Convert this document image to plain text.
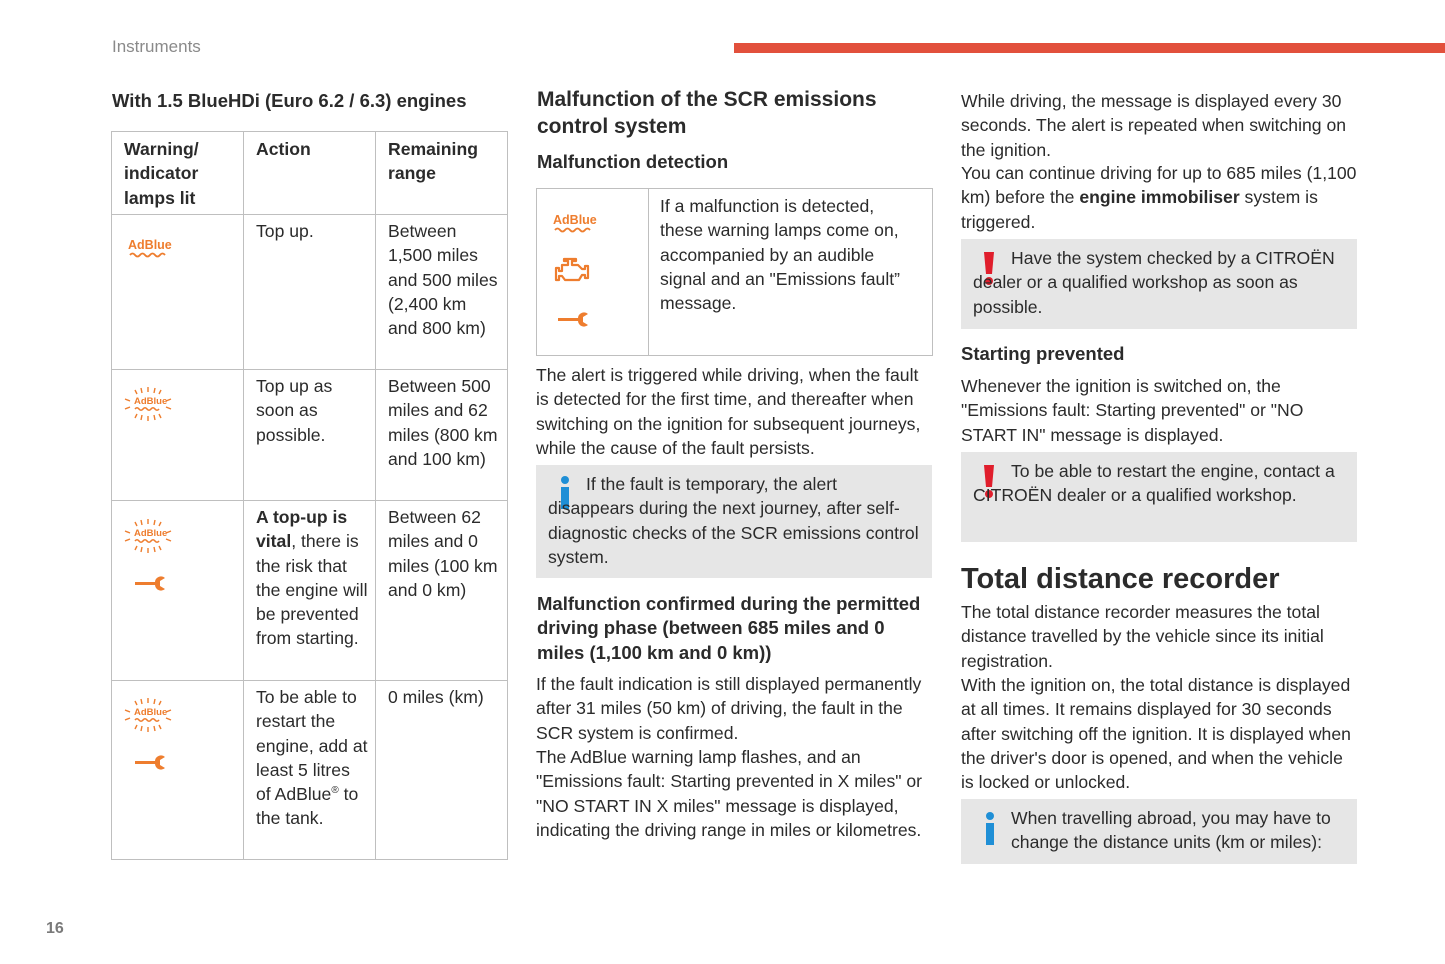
Instruments
16
With 1.5 BlueHDi (Euro 6.2 / 6.3) engines
Warning/ indicator lamps lit
Action	Remaining range
AdBlue
Top up.	Between 1,500 miles and 500 miles (2,400 km and 800 km)
AdBlue
Top up as soon as possible.
Between 500 miles and 62 miles (800 km and 100 km)
AdBlue
A top-up is vital, there is the risk that the engine will be prevented from starting.
Between 62 miles and 0 miles (100 km and 0 km)
AdBlue
To be able to restart the engine, add at least 5 litres of AdBlue® to the tank.
0 miles (km)
Malfunction of the SCR emissions control system
Malfunction detection
AdBlue
If a malfunction is detected, these warning lamps come on, accompanied by an audible signal and an "Emissions fault” message.

The alert is triggered while driving, when the fault is detected for the first time, and thereafter when switching on the ignition for subsequent journeys, while the cause of the fault persists.

If the fault is temporary, the alert disappears during the next journey, after self-diagnostic checks of the SCR emissions control system.

Malfunction confirmed during the permitted driving phase (between 685 miles and 0 miles (1,100 km and 0 km))

If the fault indication is still displayed permanently after 31 miles (50 km) of driving, the fault in the SCR system is confirmed.

The AdBlue warning lamp flashes, and an "Emissions fault: Starting prevented in X miles" or "NO START IN X miles" message is displayed, indicating the driving range in miles or kilometres.

While driving, the message is displayed every 30 seconds. The alert is repeated when switching on the ignition.

You can continue driving for up to 685 miles (1,100 km) before the engine immobiliser system is triggered.

Have the system checked by a CITROËN dealer or a qualified workshop as soon as possible.

Starting prevented

Whenever the ignition is switched on, the "Emissions fault: Starting prevented" or "NO START IN" message is displayed.

To be able to restart the engine, contact a CITROËN dealer or a qualified workshop.

Total distance recorder

The total distance recorder measures the total distance travelled by the vehicle since its initial registration.

With the ignition on, the total distance is displayed at all times. It remains displayed for 30 seconds after switching off the ignition. It is displayed when the driver's door is opened, and when the vehicle is locked or unlocked.

When travelling abroad, you may have to change the distance units (km or miles):
